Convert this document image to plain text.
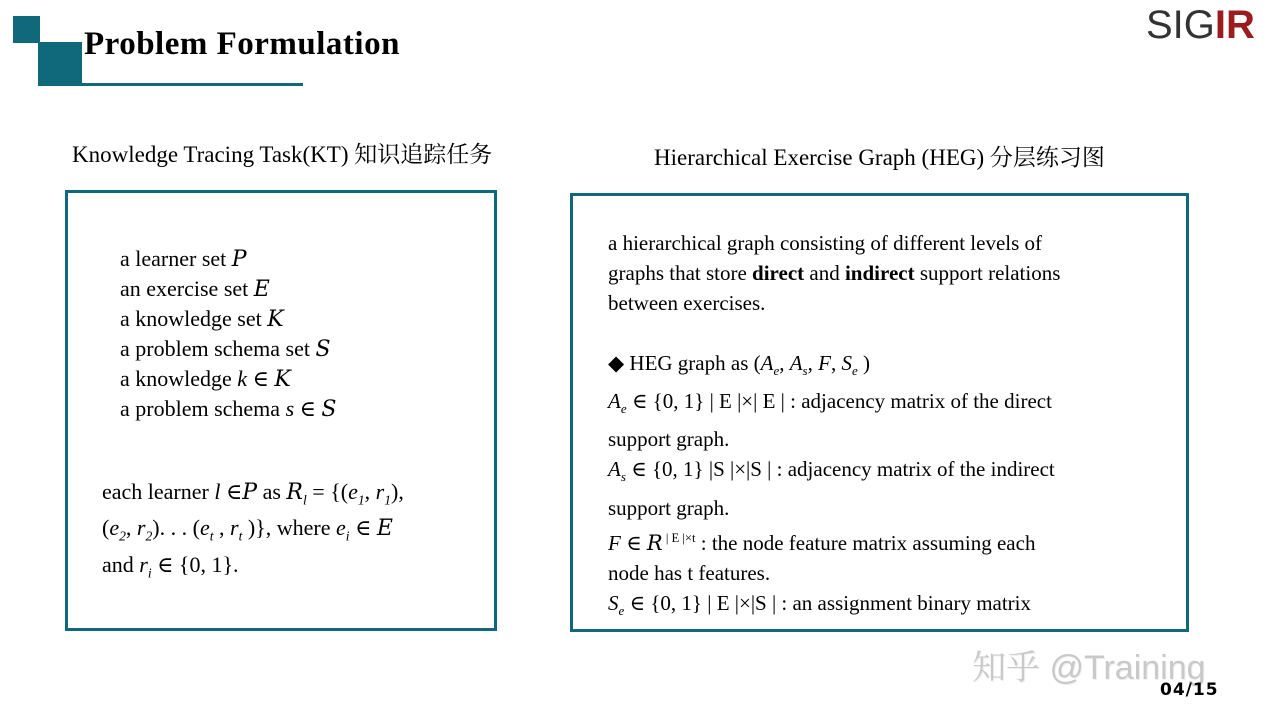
Problem Formulation	SIGIR
Knowledge Tracing Task(KT) 知识追踪任务	Hierarchical Exercise Graph (HEG) 分层练习图
a learner set P
an exercise set E
a knowledge set K
a problem schema set S
a knowledge k ∈ K
a problem schema s ∈ S
each learner l ∈P as $R_l = \{(e_1$, $r_1$),
($e_2$, $r_2$). . . ($e_t$ , $r_t$ )}, where $e_i$ ∈ E
and $r_i$ ∈ {0, 1}.
a hierarchical graph consisting of different levels of
graphs that store direct and indirect support relations
between exercises.
◆ HEG graph as ($A_e$, $A_s$, F, $S_e$ )
$A_e$ ∈ {0, 1} | E |×| E | : adjacency matrix of the direct
support graph.
$A_s$ ∈ {0, 1} |S |×|S | : adjacency matrix of the indirect
support graph.
F ∈ R $^{| E |\times t}$ : the node feature matrix assuming each
node has t features.
$S_e$ ∈ {0, 1} | E |×|S | : an assignment binary matrix
知乎 @Training
04/15
